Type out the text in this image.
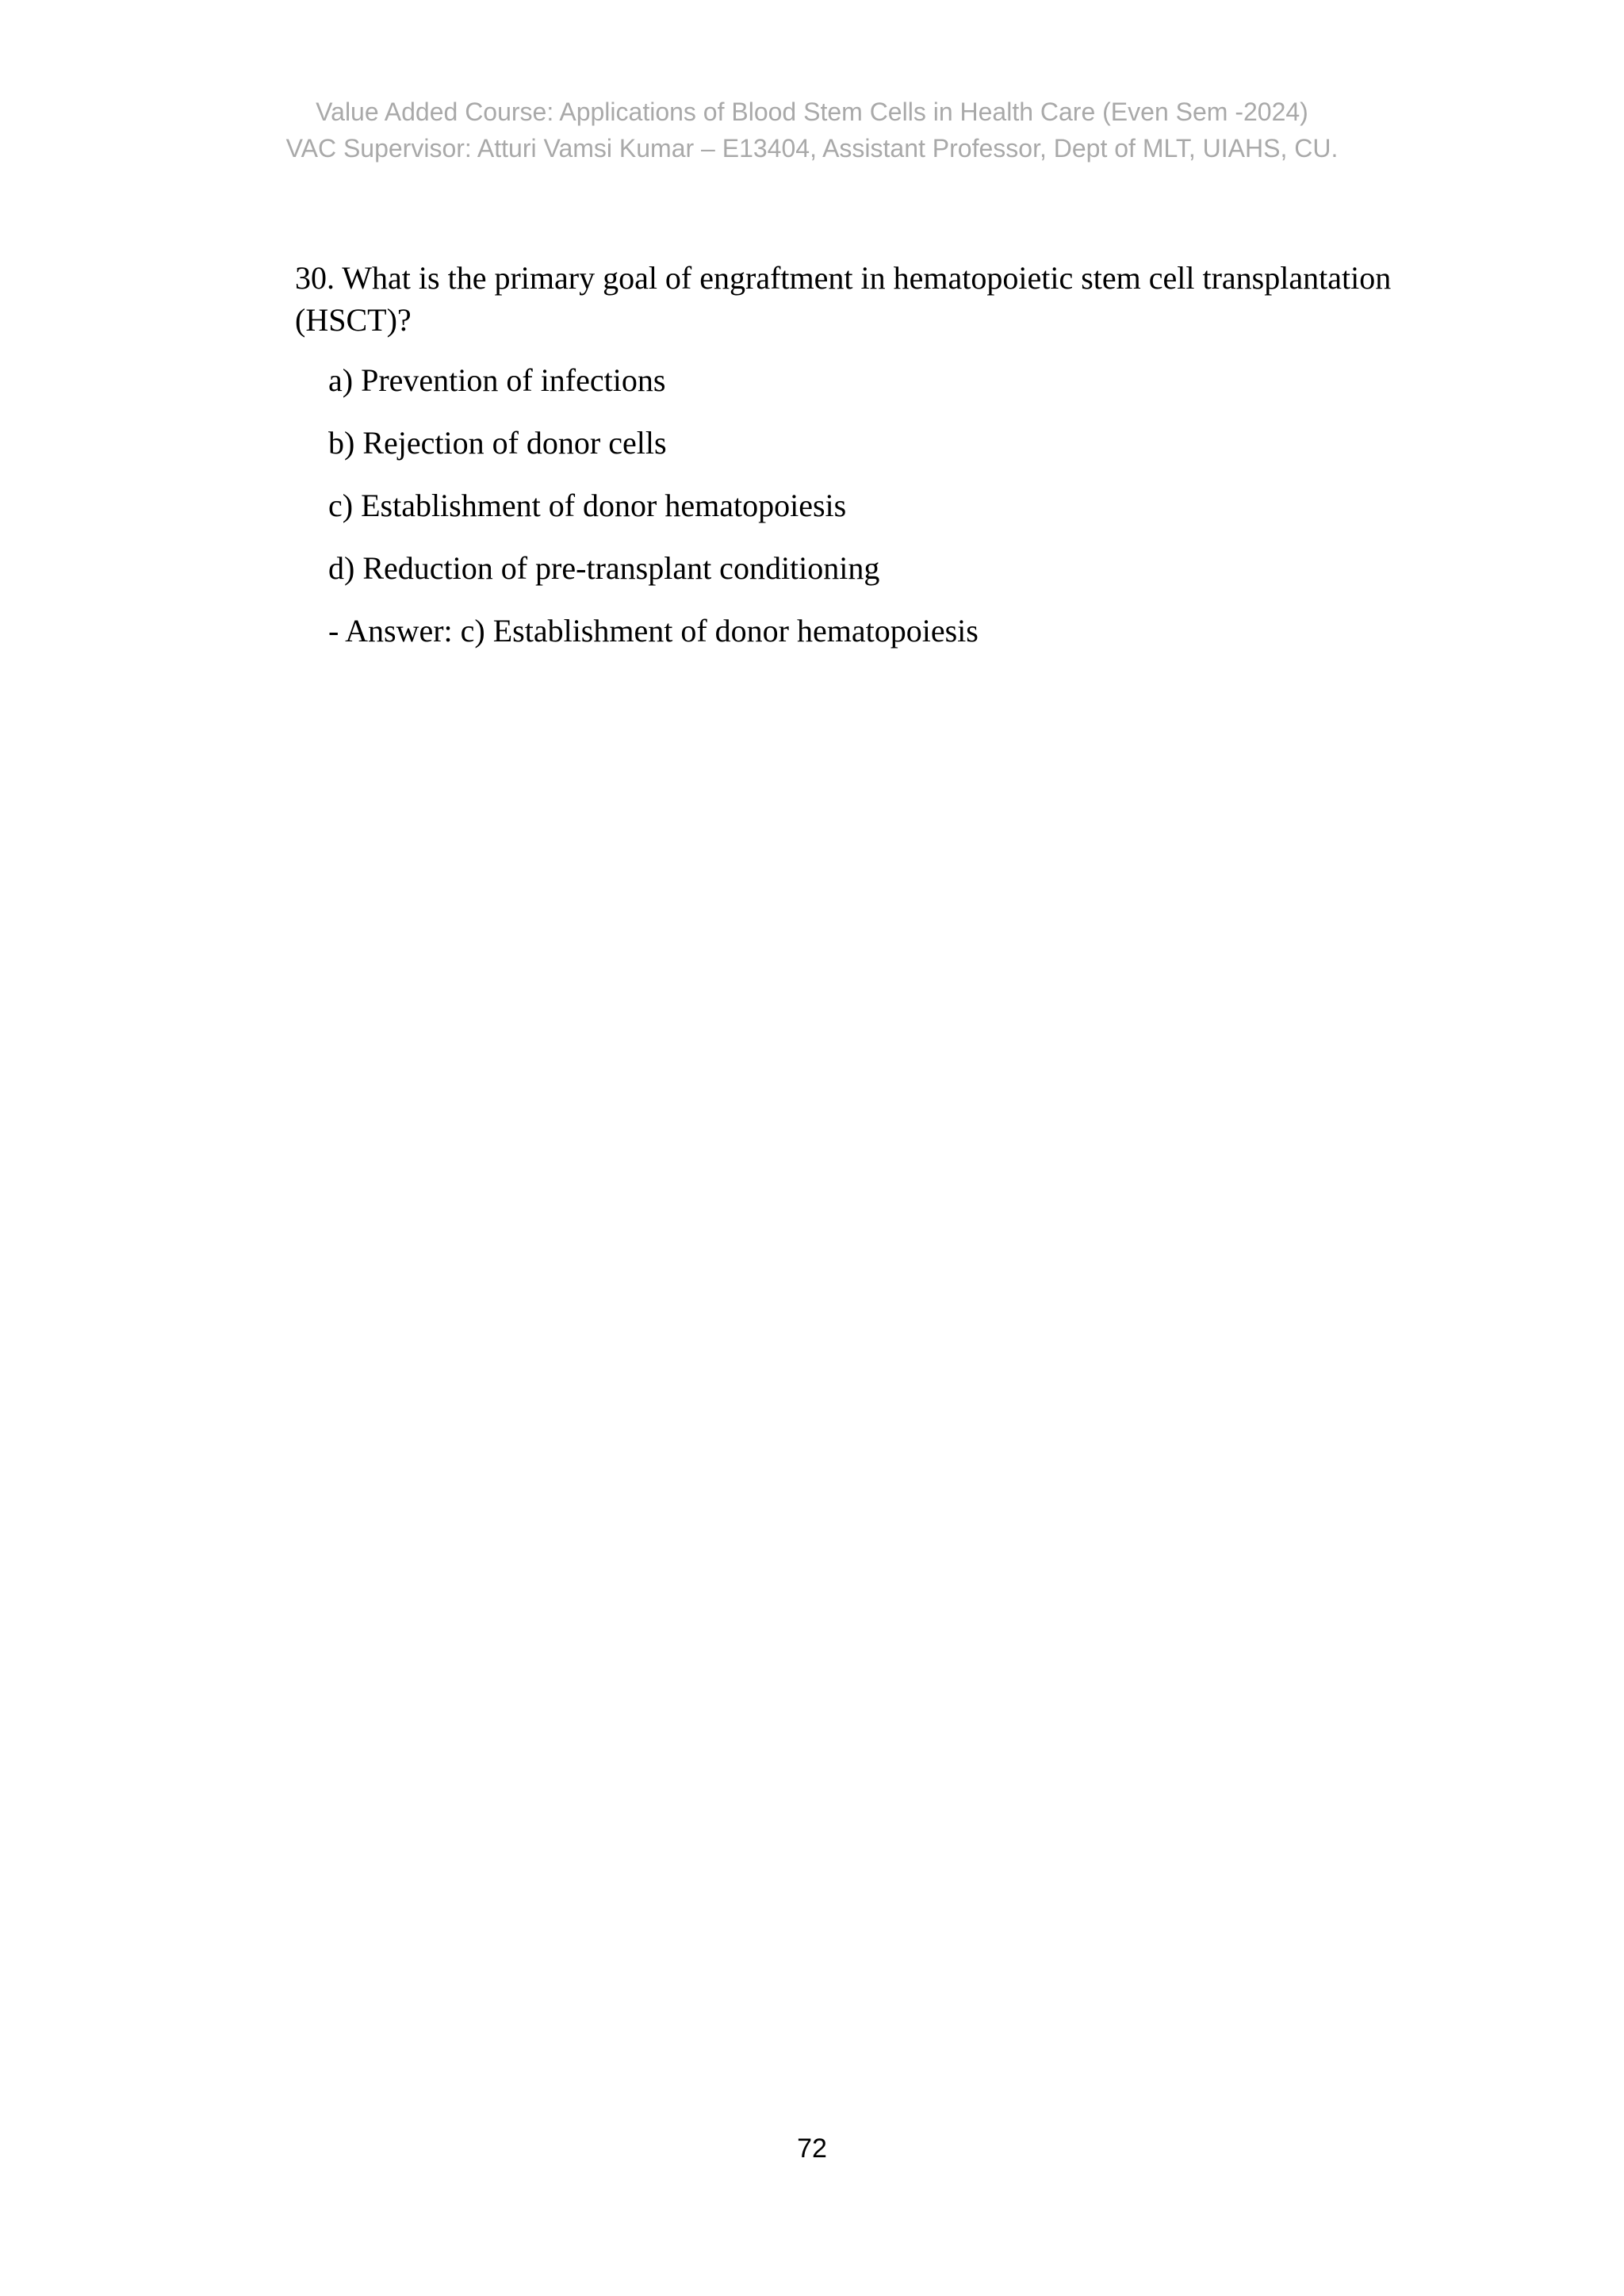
Value Added Course: Applications of Blood Stem Cells in Health Care (Even Sem -2024)
VAC Supervisor: Atturi Vamsi Kumar – E13404, Assistant Professor, Dept of MLT, UIAHS, CU.

30. What is the primary goal of engraftment in hematopoietic stem cell transplantation (HSCT)?

a) Prevention of infections
b) Rejection of donor cells
c) Establishment of donor hematopoiesis
d) Reduction of pre-transplant conditioning

- Answer: c) Establishment of donor hematopoiesis

72
